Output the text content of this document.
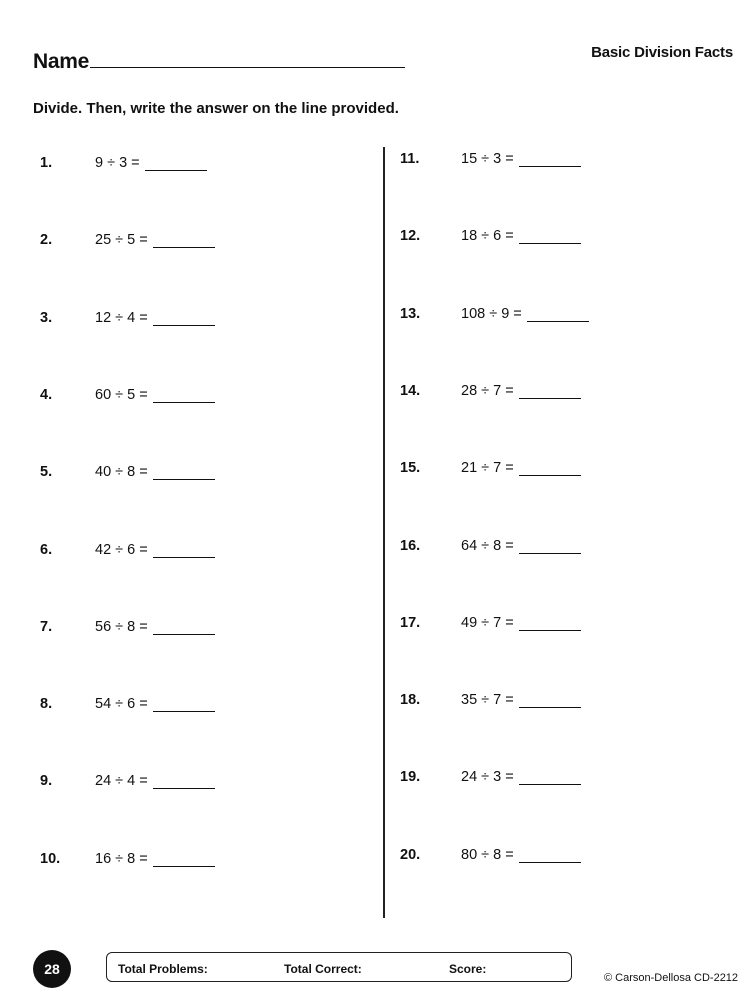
Name	Basic Division Facts
Divide. Then, write the answer on the line provided.
1.	9 ÷ 3 =
2.	25 ÷ 5 =
3.	12 ÷ 4 =
4.	60 ÷ 5 =
5.	40 ÷ 8 =
6.	42 ÷ 6 =
7.	56 ÷ 8 =
8.	54 ÷ 6 =
9.	24 ÷ 4 =
10.	16 ÷ 8 =
11.	15 ÷ 3 =
12.	18 ÷ 6 =
13.	108 ÷ 9 =
14.	28 ÷ 7 =
15.	21 ÷ 7 =
16.	64 ÷ 8 =
17.	49 ÷ 7 =
18.	35 ÷ 7 =
19.	24 ÷ 3 =
20.	80 ÷ 8 =
28	Total Problems:	Total Correct:	Score:
© Carson-Dellosa CD-2212
